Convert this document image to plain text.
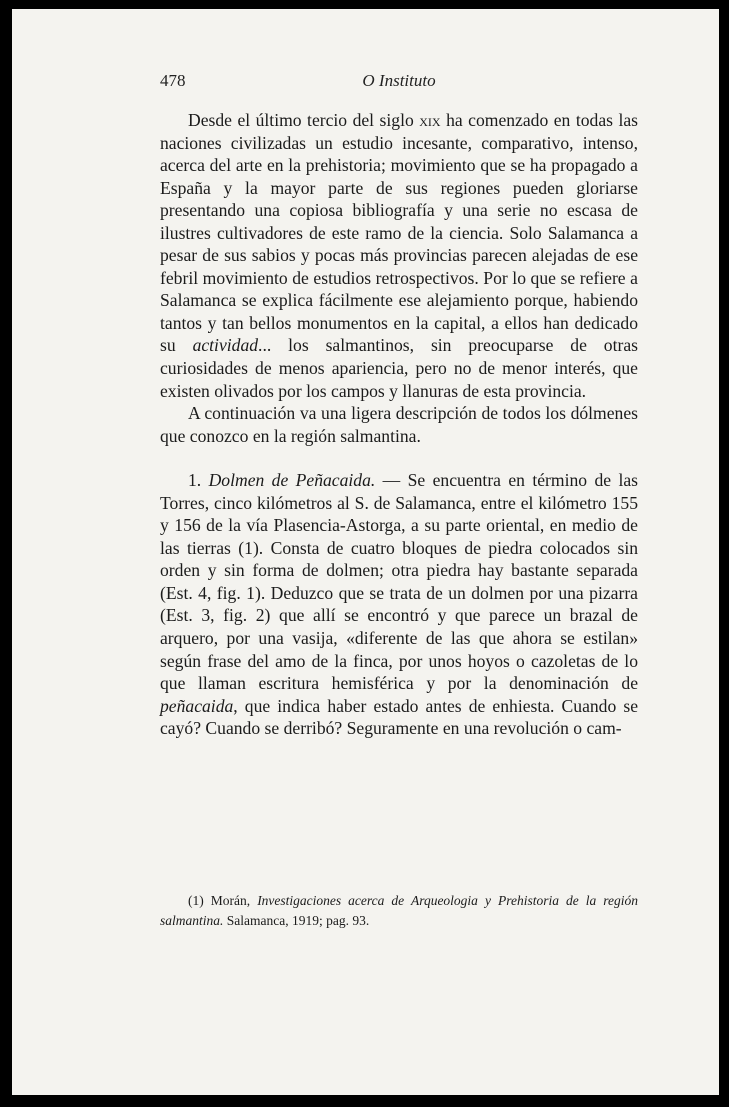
478	O Instituto

Desde el último tercio del siglo xix ha comenzado en todas las naciones civilizadas un estudio incesante, comparativo, intenso, acerca del arte en la prehistoria; movimiento que se ha propagado a España y la mayor parte de sus regiones pueden gloriarse presentando una copiosa bibliografía y una serie no escasa de ilustres cultivadores de este ramo de la ciencia. Solo Salamanca a pesar de sus sabios y pocas más provincias parecen alejadas de ese febril movimiento de estudios retrospectivos. Por lo que se refiere a Salamanca se explica fácilmente ese alejamiento porque, habiendo tantos y tan bellos monumentos en la capital, a ellos han dedicado su actividad... los salmantinos, sin preocuparse de otras curiosidades de menos apariencia, pero no de menor interés, que existen olivados por los campos y llanuras de esta provincia.

A continuación va una ligera descripción de todos los dólmenes que conozco en la región salmantina.

1. Dolmen de Peñacaida. — Se encuentra en término de las Torres, cinco kilómetros al S. de Salamanca, entre el kilómetro 155 y 156 de la vía Plasencia-Astorga, a su parte oriental, en medio de las tierras (1). Consta de cuatro bloques de piedra colocados sin orden y sin forma de dolmen; otra piedra hay bastante separada (Est. 4, fig. 1). Deduzco que se trata de un dolmen por una pizarra (Est. 3, fig. 2) que allí se encontró y que parece un brazal de arquero, por una vasija, «diferente de las que ahora se estilan» según frase del amo de la finca, por unos hoyos o cazoletas de lo que llaman escritura hemisférica y por la denominación de peñacaida, que indica haber estado antes de enhiesta. Cuando se cayó? Cuando se derribó? Seguramente en una revolución o cam-

(1) Morán, Investigaciones acerca de Arqueologia y Prehistoria de la región salmantina. Salamanca, 1919; pag. 93.
